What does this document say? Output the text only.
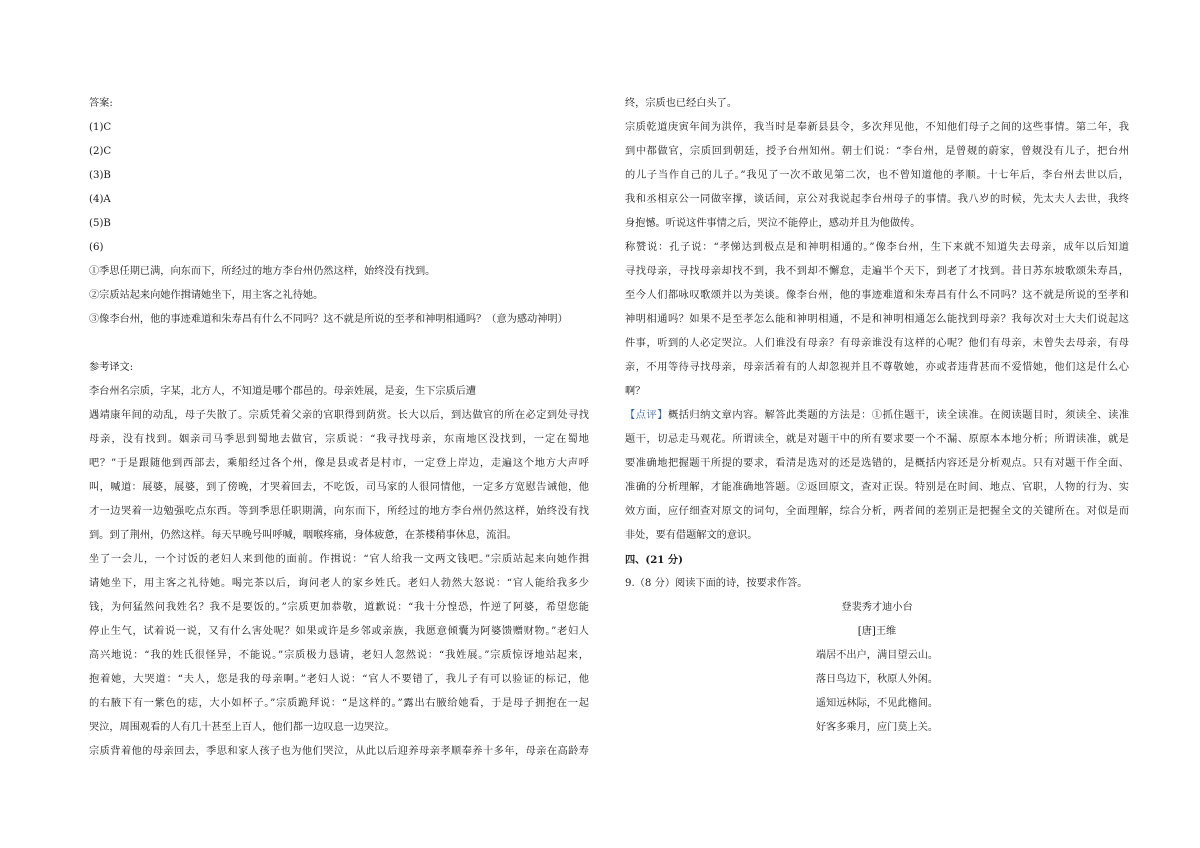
答案:

(1)C

(2)C

(3)B

(4)A

(5)B

(6)

①季思任期已满，向东而下，所经过的地方李台州仍然这样，始终没有找到。

②宗质站起来向她作揖请她坐下，用主客之礼待她。

③像李台州，他的事迹难道和朱寿昌有什么不同吗？这不就是所说的至孝和神明相通吗？（意为感动神明）

参考译文:

李台州名宗质，字某，北方人，不知道是哪个郡邑的。母亲姓展，是妾，生下宗质后遭

遇靖康年间的动乱，母子失散了。宗质凭着父亲的官职得到荫赏。长大以后，到达做官的所在必定到处寻找

母亲，没有找到。姻亲司马季思到蜀地去做官，宗质说：“我寻找母亲，东南地区没找到，一定在蜀地

吧？”于是跟随他到西部去，乘船经过各个州，像是县或者是村市，一定登上岸边，走遍这个地方大声呼

叫，喊道：展婆，展婆，到了傍晚，才哭着回去，不吃饭，司马家的人很同情他，一定多方宽慰告诫他，他

才一边哭着一边勉强吃点东西。等到季思任职期满，向东而下，所经过的地方李台州仍然这样，始终没有找

到。到了荆州，仍然这样。每天早晚号叫呼喊，咽喉疼痛，身体疲惫，在茶楼稍事休息，流泪。

坐了一会儿，一个讨饭的老妇人来到他的面前。作揖说：“官人给我一文两文钱吧。”宗质站起来向她作揖

请她坐下，用主客之礼待她。喝完茶以后，询问老人的家乡姓氏。老妇人勃然大怒说：“官人能给我多少

钱，为何猛然问我姓名？我不是要饭的。”宗质更加恭敬，道歉说：“我十分惶恐，忤逆了阿婆，希望您能

停止生气，试着说一说，又有什么害处呢？如果或许是乡邻或亲族，我愿意倾囊为阿婆馈赠财物。”老妇人

高兴地说：“我的姓氏很怪异，不能说。”宗质极力恳请，老妇人忽然说：“我姓展。”宗质惊讶地站起来，

抱着她，大哭道：“夫人，您是我的母亲啊。”老妇人说：“官人不要错了，我儿子有可以验证的标记，他

的右腋下有一紫色的痣，大小如杯子。”宗质跪拜说：“是这样的。”露出右腋给她看，于是母子拥抱在一起

哭泣，周围观看的人有几十甚至上百人，他们都一边叹息一边哭泣。

宗质背着他的母亲回去，季思和家人孩子也为他们哭泣，从此以后迎养母亲孝顺奉养十多年，母亲在高龄寿

终，宗质也已经白头了。

宗质乾道庚寅年间为洪倅，我当时是奉新县县令，多次拜见他，不知他们母子之间的这些事情。第二年，我

到中都做官，宗质回到朝廷，授予台州知州。朝士们说：“李台州，是曾觌的蔚家，曾觌没有儿子，把台州

的儿子当作自己的儿子。”我见了一次不敢见第二次，也不曾知道他的孝顺。十七年后，李台州去世以后，

我和丞相京公一同做宰撑，谈话间，京公对我说起李台州母子的事情。我八岁的时候，先太夫人去世，我终

身抱憾。听说这件事情之后，哭泣不能停止，感动并且为他做传。

称赞说：孔子说：“孝悌达到极点是和神明相通的。”像李台州，生下来就不知道失去母亲，成年以后知道

寻找母亲，寻找母亲却找不到，我不到却不懈怠，走遍半个天下，到老了才找到。昔日苏东坡歌颂朱寿昌，

至今人们都咏叹歌颂并以为美谈。像李台州，他的事迹难道和朱寿昌有什么不同吗？这不就是所说的至孝和

神明相通吗？如果不是至孝怎么能和神明相通，不是和神明相通怎么能找到母亲？我每次对士大夫们说起这

件事，听到的人必定哭泣。人们谁没有母亲？有母亲谁没有这样的心呢？他们有母亲，未曾失去母亲，有母

亲，不用等待寻找母亲，母亲活着有的人却忽视并且不尊敬她，亦或者违背甚而不爱惜她，他们这是什么心

啊？

【点评】概括归纳文章内容。解答此类题的方法是：①抓住题干，读全读准。在阅读题目时，须读全、读准

题干，切忌走马观花。所谓读全，就是对题干中的所有要求要一个不漏、原原本本地分析；所谓读准，就是

要准确地把握题干所提的要求，看清是选对的还是选错的，是概括内容还是分析观点。只有对题干作全面、

准确的分析理解，才能准确地答题。②返回原文，查对正误。特别是在时间、地点、官职，人物的行为、实

效方面，应仔细查对原文的词句，全面理解，综合分析，两者间的差别正是把握全文的关键所在。对似是而

非处，要有借题解文的意识。

四、(21 分)

9.（8 分）阅读下面的诗，按要求作答。

登裴秀才迪小台

[唐]王维

端居不出户，满目望云山。

落日鸟边下，秋原人外闲。

遥知远林际，不见此檐间。

好客多乘月，应门莫上关。
